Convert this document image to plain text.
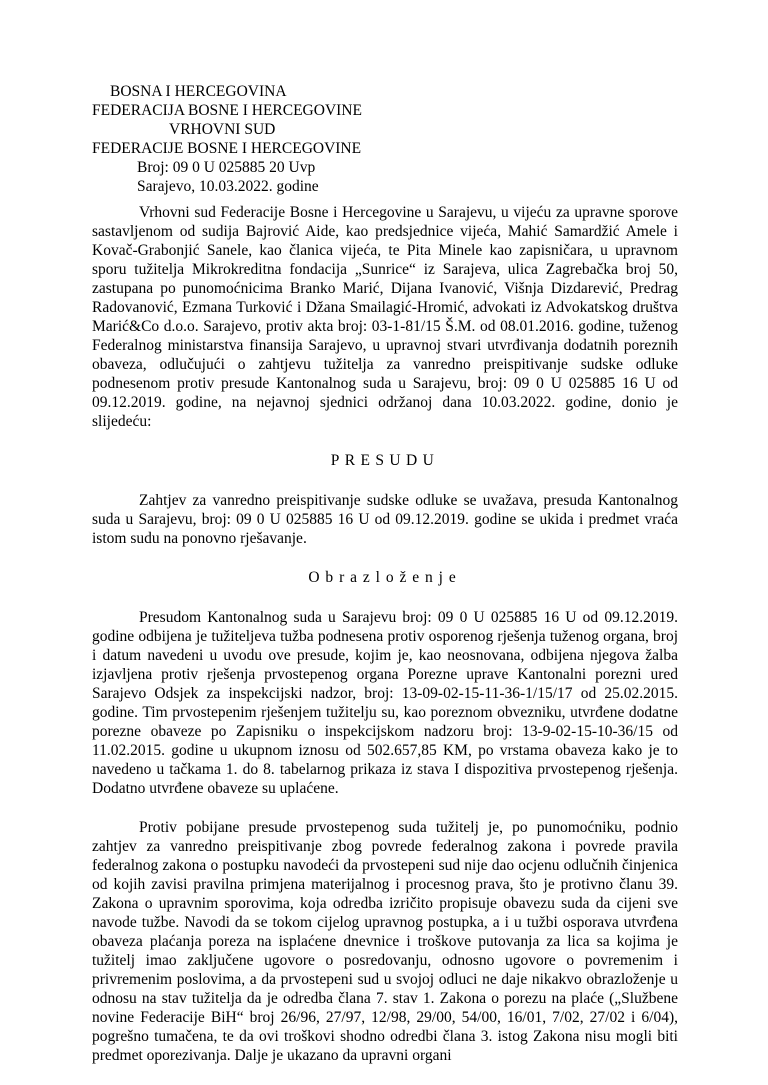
BOSNA I HERCEGOVINA
FEDERACIJA BOSNE I HERCEGOVINE
VRHOVNI SUD
FEDERACIJE BOSNE I HERCEGOVINE
Broj: 09 0 U 025885 20 Uvp
Sarajevo, 10.03.2022. godine

Vrhovni sud Federacije Bosne i Hercegovine u Sarajevu, u vijeću za upravne sporove sastavljenom od sudija Bajrović Aide, kao predsjednice vijeća, Mahić Samardžić Amele i Kovač-Grabonjić Sanele, kao članica vijeća, te Pita Minele kao zapisničara, u upravnom sporu tužitelja Mikrokreditna fondacija „Sunrice“ iz Sarajeva, ulica Zagrebačka broj 50, zastupana po punomoćnicima Branko Marić, Dijana Ivanović, Višnja Dizdarević, Predrag Radovanović, Ezmana Turković i Džana Smailagić-Hromić, advokati iz Advokatskog društva Marić&Co d.o.o. Sarajevo, protiv akta broj: 03-1-81/15 Š.M. od 08.01.2016. godine, tuženog Federalnog ministarstva finansija Sarajevo, u upravnoj stvari utvrđivanja dodatnih poreznih obaveza, odlučujući o zahtjevu tužitelja za vanredno preispitivanje sudske odluke podnesenom protiv presude Kantonalnog suda u Sarajevu, broj: 09 0 U 025885 16 U od 09.12.2019. godine, na nejavnoj sjednici održanoj dana 10.03.2022. godine, donio je slijedeću:

PRESUDU

Zahtjev za vanredno preispitivanje sudske odluke se uvažava, presuda Kantonalnog suda u Sarajevu, broj: 09 0 U 025885 16 U od 09.12.2019. godine se ukida i predmet vraća istom sudu na ponovno rješavanje.

Obrazloženje

Presudom Kantonalnog suda u Sarajevu broj: 09 0 U 025885 16 U od 09.12.2019. godine odbijena je tužiteljeva tužba podnesena protiv osporenog rješenja tuženog organa, broj i datum navedeni u uvodu ove presude, kojim je, kao neosnovana, odbijena njegova žalba izjavljena protiv rješenja prvostepenog organa Porezne uprave Kantonalni porezni ured Sarajevo Odsjek za inspekcijski nadzor, broj: 13-09-02-15-11-36-1/15/17 od 25.02.2015. godine. Tim prvostepenim rješenjem tužitelju su, kao poreznom obvezniku, utvrđene dodatne porezne obaveze po Zapisniku o inspekcijskom nadzoru broj: 13-9-02-15-10-36/15 od 11.02.2015. godine u ukupnom iznosu od 502.657,85 KM, po vrstama obaveza kako je to navedeno u tačkama 1. do 8. tabelarnog prikaza iz stava I dispozitiva prvostepenog rješenja. Dodatno utvrđene obaveze su uplaćene.

Protiv pobijane presude prvostepenog suda tužitelj je, po punomoćniku, podnio zahtjev za vanredno preispitivanje zbog povrede federalnog zakona i povrede pravila federalnog zakona o postupku navodeći da prvostepeni sud nije dao ocjenu odlučnih činjenica od kojih zavisi pravilna primjena materijalnog i procesnog prava, što je protivno članu 39. Zakona o upravnim sporovima, koja odredba izričito propisuje obavezu suda da cijeni sve navode tužbe. Navodi da se tokom cijelog upravnog postupka, a i u tužbi osporava utvrđena obaveza plaćanja poreza na isplaćene dnevnice i troškove putovanja za lica sa kojima je tužitelj imao zaključene ugovore o posredovanju, odnosno ugovore o povremenim i privremenim poslovima, a da prvostepeni sud u svojoj odluci ne daje nikakvo obrazloženje u odnosu na stav tužitelja da je odredba člana 7. stav 1. Zakona o porezu na plaće („Službene novine Federacije BiH“ broj 26/96, 27/97, 12/98, 29/00, 54/00, 16/01, 7/02, 27/02 i 6/04), pogrešno tumačena, te da ovi troškovi shodno odredbi člana 3. istog Zakona nisu mogli biti predmet oporezivanja. Dalje je ukazano da upravni organi
